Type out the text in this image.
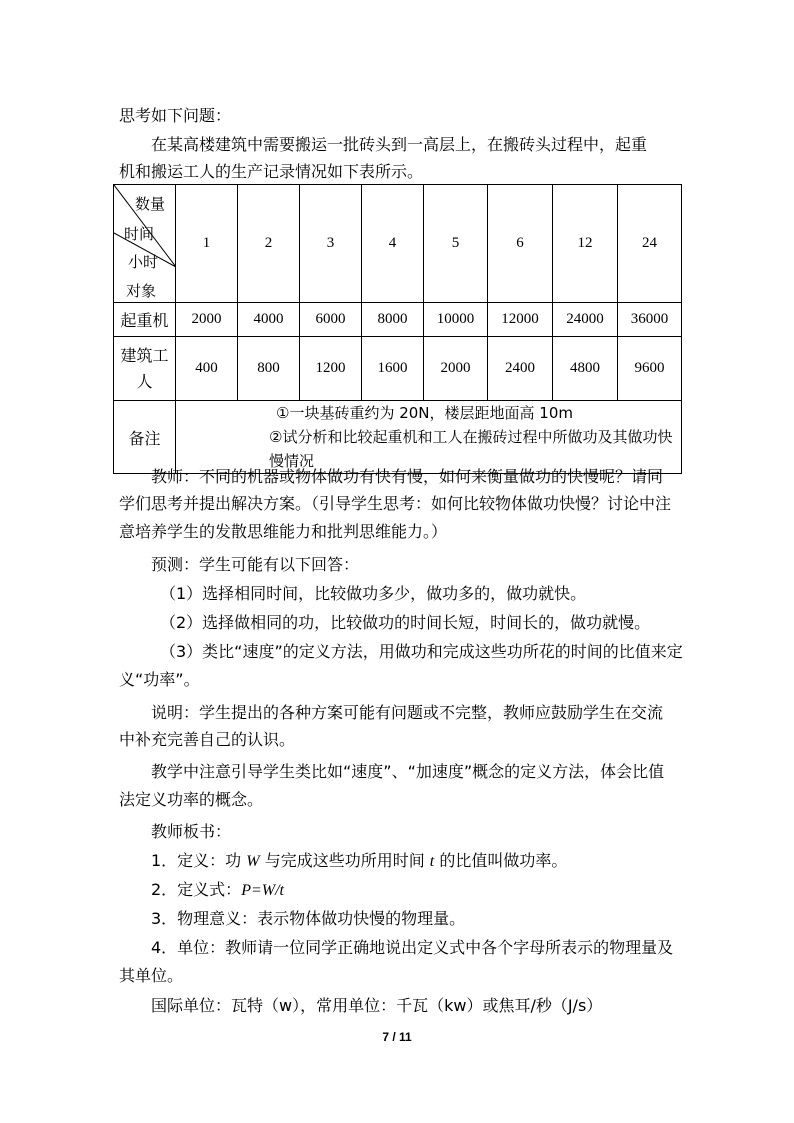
思考如下问题：
在某高楼建筑中需要搬运一批砖头到一高层上，在搬砖头过程中，起重
机和搬运工人的生产记录情况如下表所示。
数量
时间
小时
对象	1	2	3	4	5	6	12	24
起重机	2000	4000	6000	8000	10000	12000	24000	36000

建筑工
人	400	800	1200	1600	2000	2400	4800	9600
备注	①一块基砖重约为 20N，楼层距地面高 10m
②试分析和比较起重机和工人在搬砖过程中所做功及其做功快慢情况							
教师：不同的机器或物体做功有快有慢，如何来衡量做功的快慢呢？请同
学们思考并提出解决方案。（引导学生思考：如何比较物体做功快慢？讨论中注
意培养学生的发散思维能力和批判思维能力。）
预测：学生可能有以下回答：
（1）选择相同时间，比较做功多少，做功多的，做功就快。
（2）选择做相同的功，比较做功的时间长短，时间长的，做功就慢。
（3）类比“速度”的定义方法，用做功和完成这些功所花的时间的比值来定
义“功率”。
说明：学生提出的各种方案可能有问题或不完整，教师应鼓励学生在交流
中补充完善自己的认识。
教学中注意引导学生类比如“速度”、“加速度”概念的定义方法，体会比值
法定义功率的概念。
教师板书：
1．定义：功 W 与完成这些功所用时间 t 的比值叫做功率。
2．定义式：P=W/t
3．物理意义：表示物体做功快慢的物理量。
4．单位：教师请一位同学正确地说出定义式中各个字母所表示的物理量及
其单位。
国际单位：瓦特（w），常用单位：千瓦（kw）或焦耳/秒（J/s）
7 / 11
